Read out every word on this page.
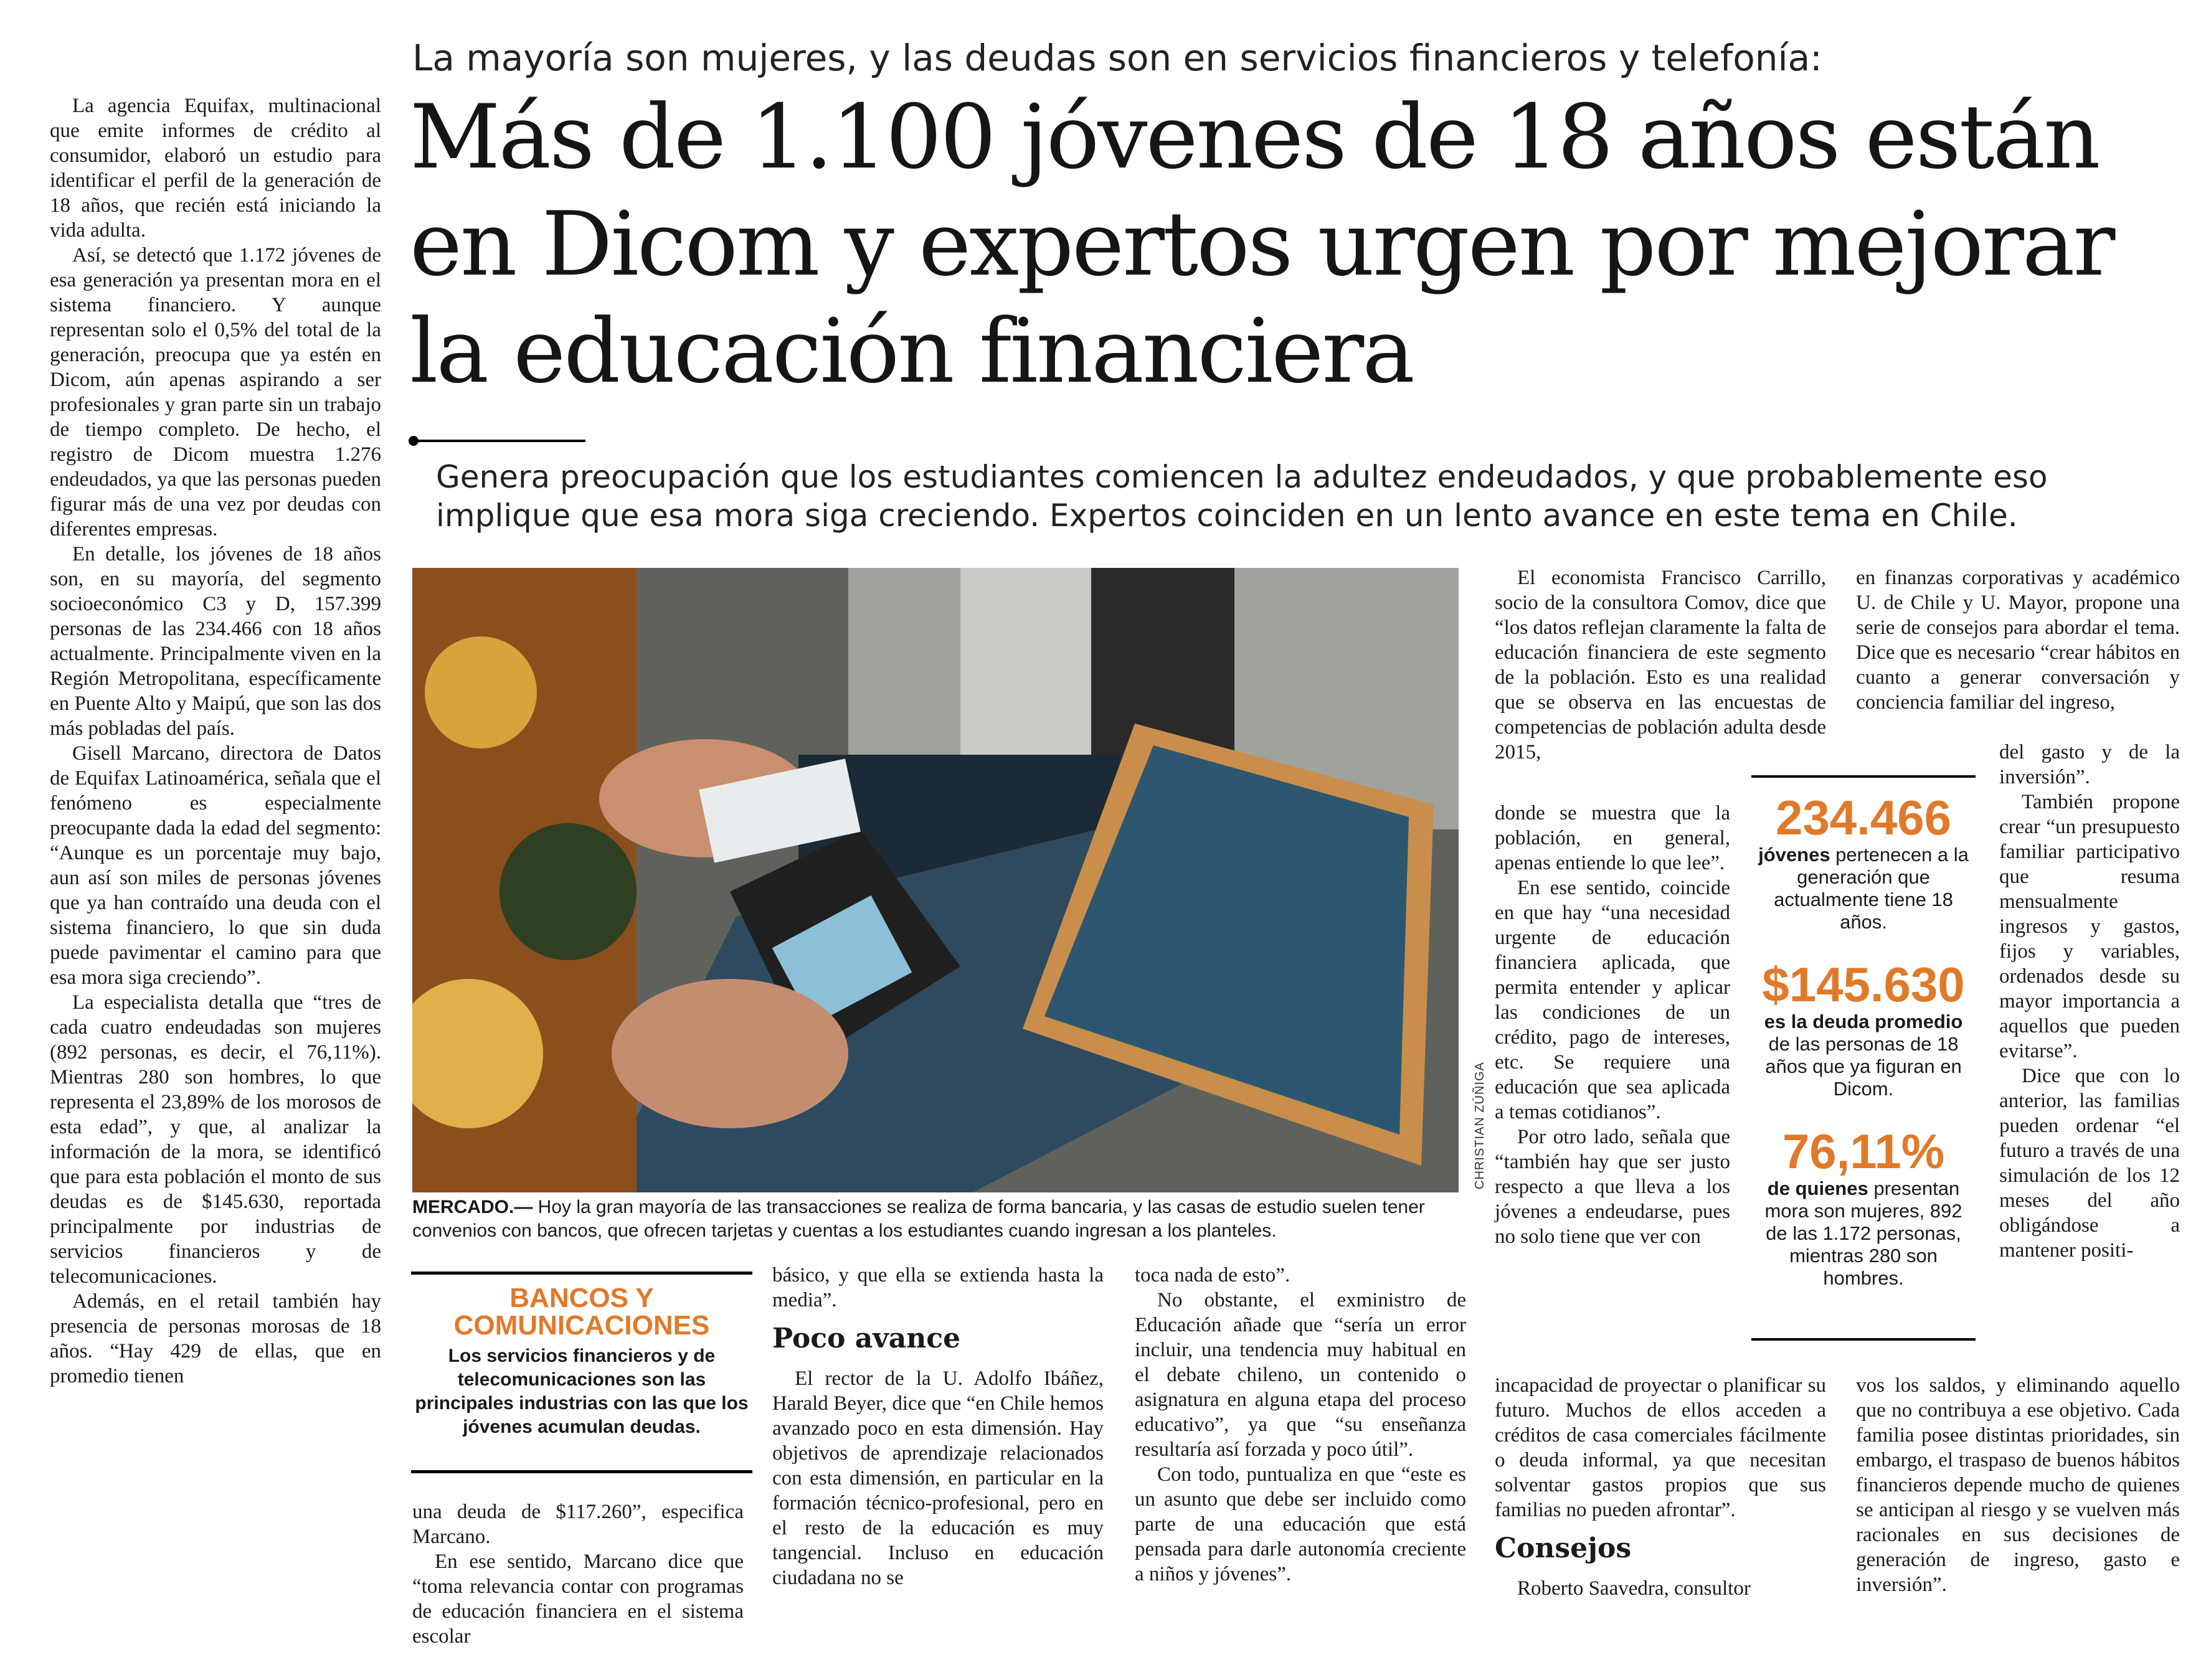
La mayoría son mujeres, y las deudas son en servicios financieros y telefonía:
Más de 1.100 jóvenes de 18 años están en Dicom y expertos urgen por mejorar la educación financiera
Genera preocupación que los estudiantes comiencen la adultez endeudados, y que probablemente eso implique que esa mora siga creciendo. Expertos coinciden en un lento avance en este tema en Chile.

La agencia Equifax, multinacional que emite informes de crédito al consumidor, elaboró un estudio para identificar el perfil de la generación de 18 años, que recién está iniciando la vida adulta.

Así, se detectó que 1.172 jóvenes de esa generación ya presentan mora en el sistema financiero. Y aunque representan solo el 0,5% del total de la generación, preocupa que ya estén en Dicom, aún apenas aspirando a ser profesionales y gran parte sin un trabajo de tiempo completo. De hecho, el registro de Dicom muestra 1.276 endeudados, ya que las personas pueden figurar más de una vez por deudas con diferentes empresas.

En detalle, los jóvenes de 18 años son, en su mayoría, del segmento socioeconómico C3 y D, 157.399 personas de las 234.466 con 18 años actualmente. Principalmente viven en la Región Metropolitana, específicamente en Puente Alto y Maipú, que son las dos más pobladas del país.

Gisell Marcano, directora de Datos de Equifax Latinoamérica, señala que el fenómeno es especialmente preocupante dada la edad del segmento: “Aunque es un porcentaje muy bajo, aun así son miles de personas jóvenes que ya han contraído una deuda con el sistema financiero, lo que sin duda puede pavimentar el camino para que esa mora siga creciendo”.

La especialista detalla que “tres de cada cuatro endeudadas son mujeres (892 personas, es decir, el 76,11%). Mientras 280 son hombres, lo que representa el 23,89% de los morosos de esta edad”, y que, al analizar la información de la mora, se identificó que para esta población el monto de sus deudas es de $145.630, reportada principalmente por industrias de servicios financieros y de telecomunicaciones.

Además, en el retail también hay presencia de personas morosas de 18 años. “Hay 429 de ellas, que en promedio tienen

CHRISTIAN ZÚÑIGA
MERCADO.— Hoy la gran mayoría de las transacciones se realiza de forma bancaria, y las casas de estudio suelen tener convenios con bancos, que ofrecen tarjetas y cuentas a los estudiantes cuando ingresan a los planteles.
BANCOS Y COMUNICACIONES
Los servicios financieros y de telecomunicaciones son las principales industrias con las que los jóvenes acumulan deudas.

una deuda de $117.260”, especifica Marcano.

En ese sentido, Marcano dice que “toma relevancia contar con programas de educación financiera en el sistema escolar

básico, y que ella se extienda hasta la media”.

Poco avance

El rector de la U. Adolfo Ibáñez, Harald Beyer, dice que “en Chile hemos avanzado poco en esta dimensión. Hay objetivos de aprendizaje relacionados con esta dimensión, en particular en la formación técnico-profesional, pero en el resto de la educación es muy tangencial. Incluso en educación ciudadana no se

toca nada de esto”.

No obstante, el exministro de Educación añade que “sería un error incluir, una tendencia muy habitual en el debate chileno, un contenido o asignatura en alguna etapa del proceso educativo”, ya que “su enseñanza resultaría así forzada y poco útil”.

Con todo, puntualiza en que “este es un asunto que debe ser incluido como parte de una educación que está pensada para darle autonomía creciente a niños y jóvenes”.

El economista Francisco Carrillo, socio de la consultora Comov, dice que “los datos reflejan claramente la falta de educación financiera de este segmento de la población. Esto es una realidad que se observa en las encuestas de competencias de población adulta desde 2015,

donde se muestra que la población, en general, apenas entiende lo que lee”.

En ese sentido, coincide en que hay “una necesidad urgente de educación financiera aplicada, que permita entender y aplicar las condiciones de un crédito, pago de intereses, etc. Se requiere una educación que sea aplicada a temas cotidianos”.

Por otro lado, señala que “también hay que ser justo respecto a que lleva a los jóvenes a endeudarse, pues no solo tiene que ver con

incapacidad de proyectar o planificar su futuro. Muchos de ellos acceden a créditos de casa comerciales fácilmente o deuda informal, ya que necesitan solventar gastos propios que sus familias no pueden afrontar”.

Consejos

Roberto Saavedra, consultor

234.466
jóvenes pertenecen a la generación que actualmente tiene 18 años.
$145.630
es la deuda promedio de las personas de 18 años que ya figuran en Dicom.
76,11%
de quienes presentan mora son mujeres, 892 de las 1.172 personas, mientras 280 son hombres.

en finanzas corporativas y académico U. de Chile y U. Mayor, propone una serie de consejos para abordar el tema. Dice que es necesario “crear hábitos en cuanto a generar conversación y conciencia familiar del ingreso,

del gasto y de la inversión”.

También propone crear “un presupuesto familiar participativo que resuma mensualmente ingresos y gastos, fijos y variables, ordenados desde su mayor importancia a aquellos que pueden evitarse”.

Dice que con lo anterior, las familias pueden ordenar “el futuro a través de una simulación de los 12 meses del año obligándose a mantener positi-

vos los saldos, y eliminando aquello que no contribuya a ese objetivo. Cada familia posee distintas prioridades, sin embargo, el traspaso de buenos hábitos financieros depende mucho de quienes se anticipan al riesgo y se vuelven más racionales en sus decisiones de generación de ingreso, gasto e inversión”.
